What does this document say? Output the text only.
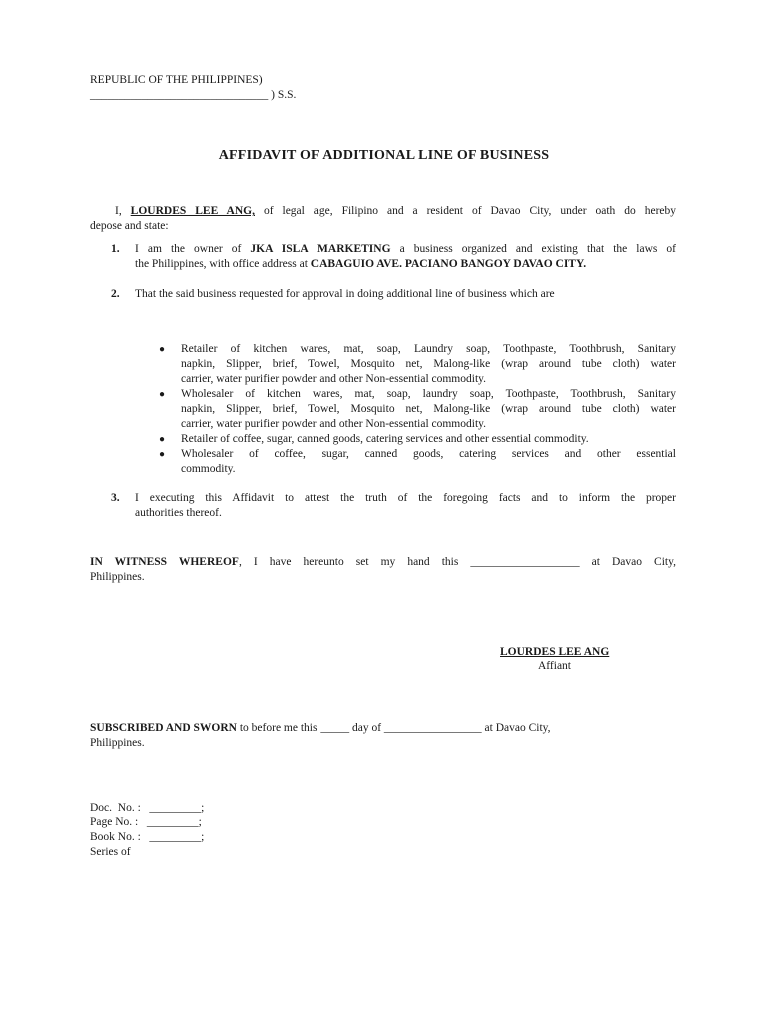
REPUBLIC OF THE PHILIPPINES)
_______________________________ ) S.S.
AFFIDAVIT OF ADDITIONAL LINE OF BUSINESS
I, LOURDES LEE ANG, of legal age, Filipino and a resident of Davao City, under oath do hereby
depose and state:
1. I am the owner of JKA ISLA MARKETING a business organized and existing that the laws of
the Philippines, with office address at CABAGUIO AVE. PACIANO BANGOY DAVAO CITY.
2. That the said business requested for approval in doing additional line of business which are
● Retailer of kitchen wares, mat, soap, Laundry soap, Toothpaste, Toothbrush, Sanitary
napkin, Slipper, brief, Towel, Mosquito net, Malong-like (wrap around tube cloth) water
carrier, water purifier powder and other Non-essential commodity.
● Wholesaler of kitchen wares, mat, soap, laundry soap, Toothpaste, Toothbrush, Sanitary
napkin, Slipper, brief, Towel, Mosquito net, Malong-like (wrap around tube cloth) water
carrier, water purifier powder and other Non-essential commodity.
● Retailer of coffee, sugar, canned goods, catering services and other essential commodity.
● Wholesaler of coffee, sugar, canned goods, catering services and other essential
commodity.
3. I executing this Affidavit to attest the truth of the foregoing facts and to inform the proper
authorities thereof.
IN WITNESS WHEREOF, I have hereunto set my hand this ___________________ at Davao City,
Philippines.
LOURDES LEE ANG
Affiant
SUBSCRIBED AND SWORN to before me this _____ day of _________________ at Davao City,
Philippines.
Doc.  No. :   _________;
Page No. :   _________;
Book No. :   _________;
Series of
